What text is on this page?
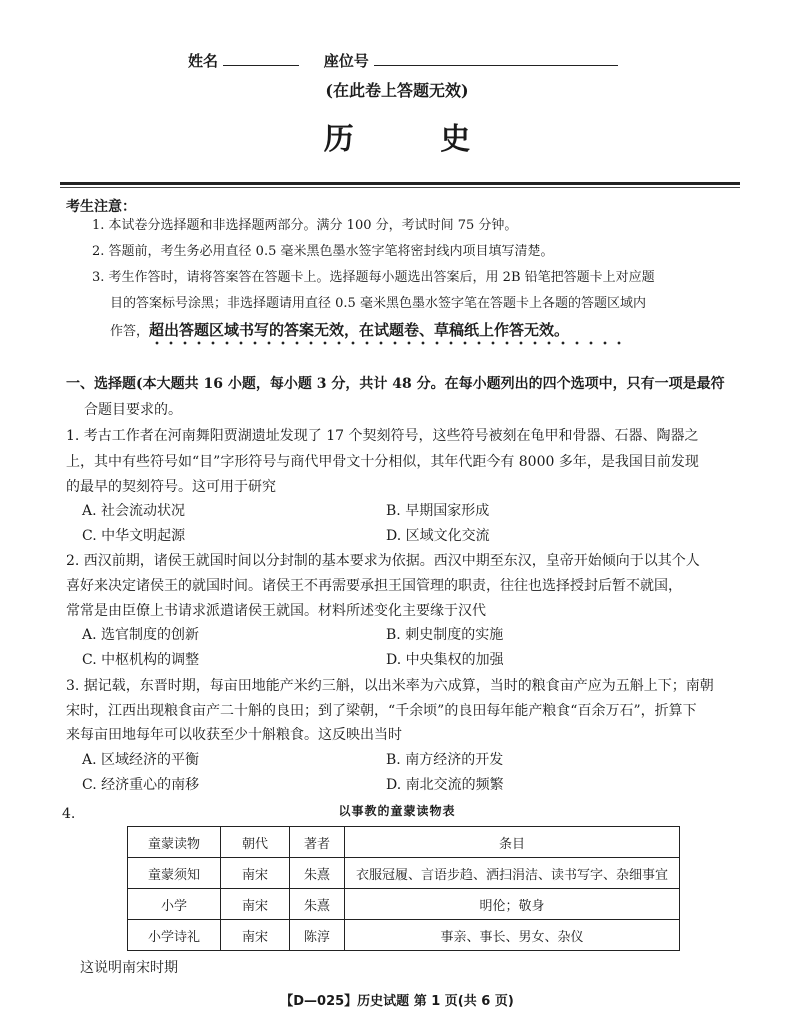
姓名	座位号
(在此卷上答题无效)
历 史
考生注意：
1. 本试卷分选择题和非选择题两部分。满分 100 分，考试时间 75 分钟。
2. 答题前，考生务必用直径 0.5 毫米黑色墨水签字笔将密封线内项目填写清楚。
3. 考生作答时，请将答案答在答题卡上。选择题每小题选出答案后，用 2B 铅笔把答题卡上对应题
目的答案标号涂黑；非选择题请用直径 0.5 毫米黑色墨水签字笔在答题卡上各题的答题区域内
作答，超出答题区域书写的答案无效，在试题卷、草稿纸上作答无效。
一、选择题(本大题共 16 小题，每小题 3 分，共计 48 分。在每小题列出的四个选项中，只有一项是最符
合题目要求的。
1. 考古工作者在河南舞阳贾湖遗址发现了 17 个契刻符号，这些符号被刻在龟甲和骨器、石器、陶器之
上，其中有些符号如“目”字形符号与商代甲骨文十分相似，其年代距今有 8000 多年，是我国目前发现
的最早的契刻符号。这可用于研究
A. 社会流动状况	B. 早期国家形成
C. 中华文明起源	D. 区域文化交流
2. 西汉前期，诸侯王就国时间以分封制的基本要求为依据。西汉中期至东汉，皇帝开始倾向于以其个人
喜好来决定诸侯王的就国时间。诸侯王不再需要承担王国管理的职责，往往也选择授封后暂不就国，
常常是由臣僚上书请求派遣诸侯王就国。材料所述变化主要缘于汉代
A. 选官制度的创新	B. 刺史制度的实施
C. 中枢机构的调整	D. 中央集权的加强
3. 据记载，东晋时期，每亩田地能产米约三斛，以出米率为六成算，当时的粮食亩产应为五斛上下；南朝
宋时，江西出现粮食亩产二十斛的良田；到了梁朝，“千余顷”的良田每年能产粮食“百余万石”，折算下
来每亩田地每年可以收获至少十斛粮食。这反映出当时
A. 区域经济的平衡	B. 南方经济的开发
C. 经济重心的南移	D. 南北交流的频繁
4.	以事教的童蒙读物表
童蒙读物	朝代	著者	条目
童蒙须知	南宋	朱熹	衣服冠履、言语步趋、洒扫涓洁、读书写字、杂细事宜
小学	南宋	朱熹	明伦；敬身
小学诗礼	南宋	陈淳	事亲、事长、男女、杂仪
这说明南宋时期
【D—025】历史试题 第 1 页(共 6 页)
